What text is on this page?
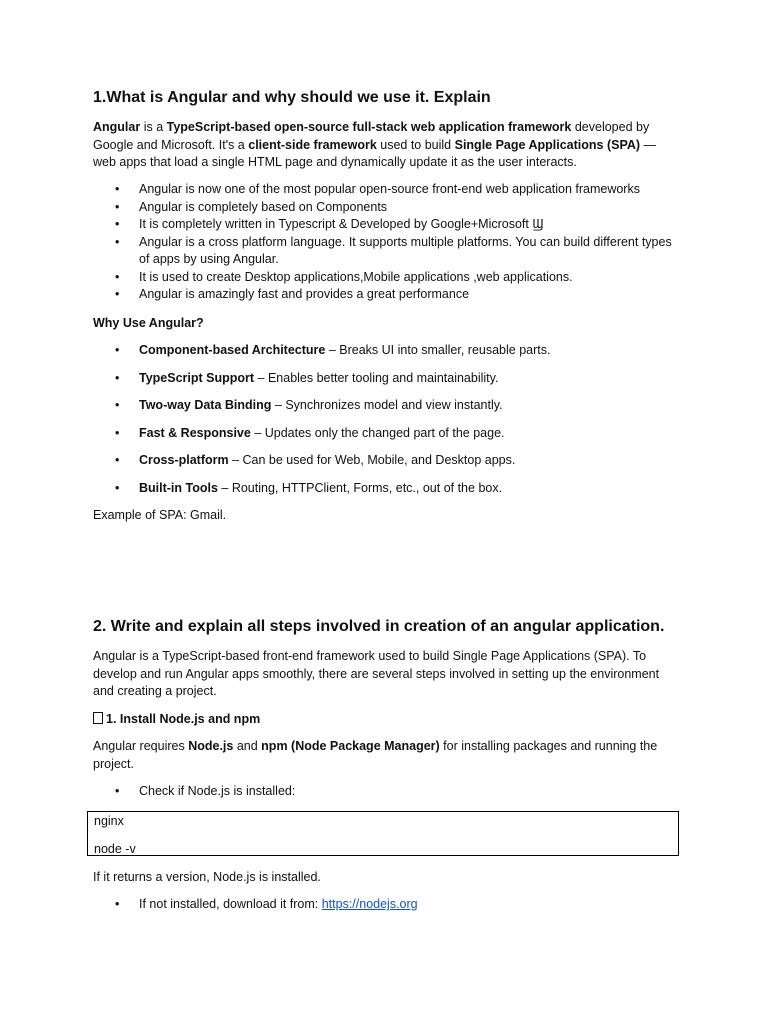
1.What is Angular and why should we use it. Explain

Angular is a TypeScript-based open-source full-stack web application framework developed by Google and Microsoft. It's a client-side framework used to build Single Page Applications (SPA) — web apps that load a single HTML page and dynamically update it as the user interacts.

• Angular is now one of the most popular open-source front-end web application frameworks
• Angular is completely based on Components
• It is completely written in Typescript & Developed by Google+Microsoft Ϣ
• Angular is a cross platform language. It supports multiple platforms. You can build different types of apps by using Angular.
• It is used to create Desktop applications,Mobile applications ,web applications.
• Angular is amazingly fast and provides a great performance

Why Use Angular?

• Component-based Architecture – Breaks UI into smaller, reusable parts.
• TypeScript Support – Enables better tooling and maintainability.
• Two-way Data Binding – Synchronizes model and view instantly.
• Fast & Responsive – Updates only the changed part of the page.
• Cross-platform – Can be used for Web, Mobile, and Desktop apps.
• Built-in Tools – Routing, HTTPClient, Forms, etc., out of the box.

Example of SPA: Gmail.

2. Write and explain all steps involved in creation of an angular application.

Angular is a TypeScript-based front-end framework used to build Single Page Applications (SPA). To develop and run Angular apps smoothly, there are several steps involved in setting up the environment and creating a project.

1. Install Node.js and npm

Angular requires Node.js and npm (Node Package Manager) for installing packages and running the project.

• Check if Node.js is installed:
nginx
node -v

If it returns a version, Node.js is installed.

• If not installed, download it from: https://nodejs.org
